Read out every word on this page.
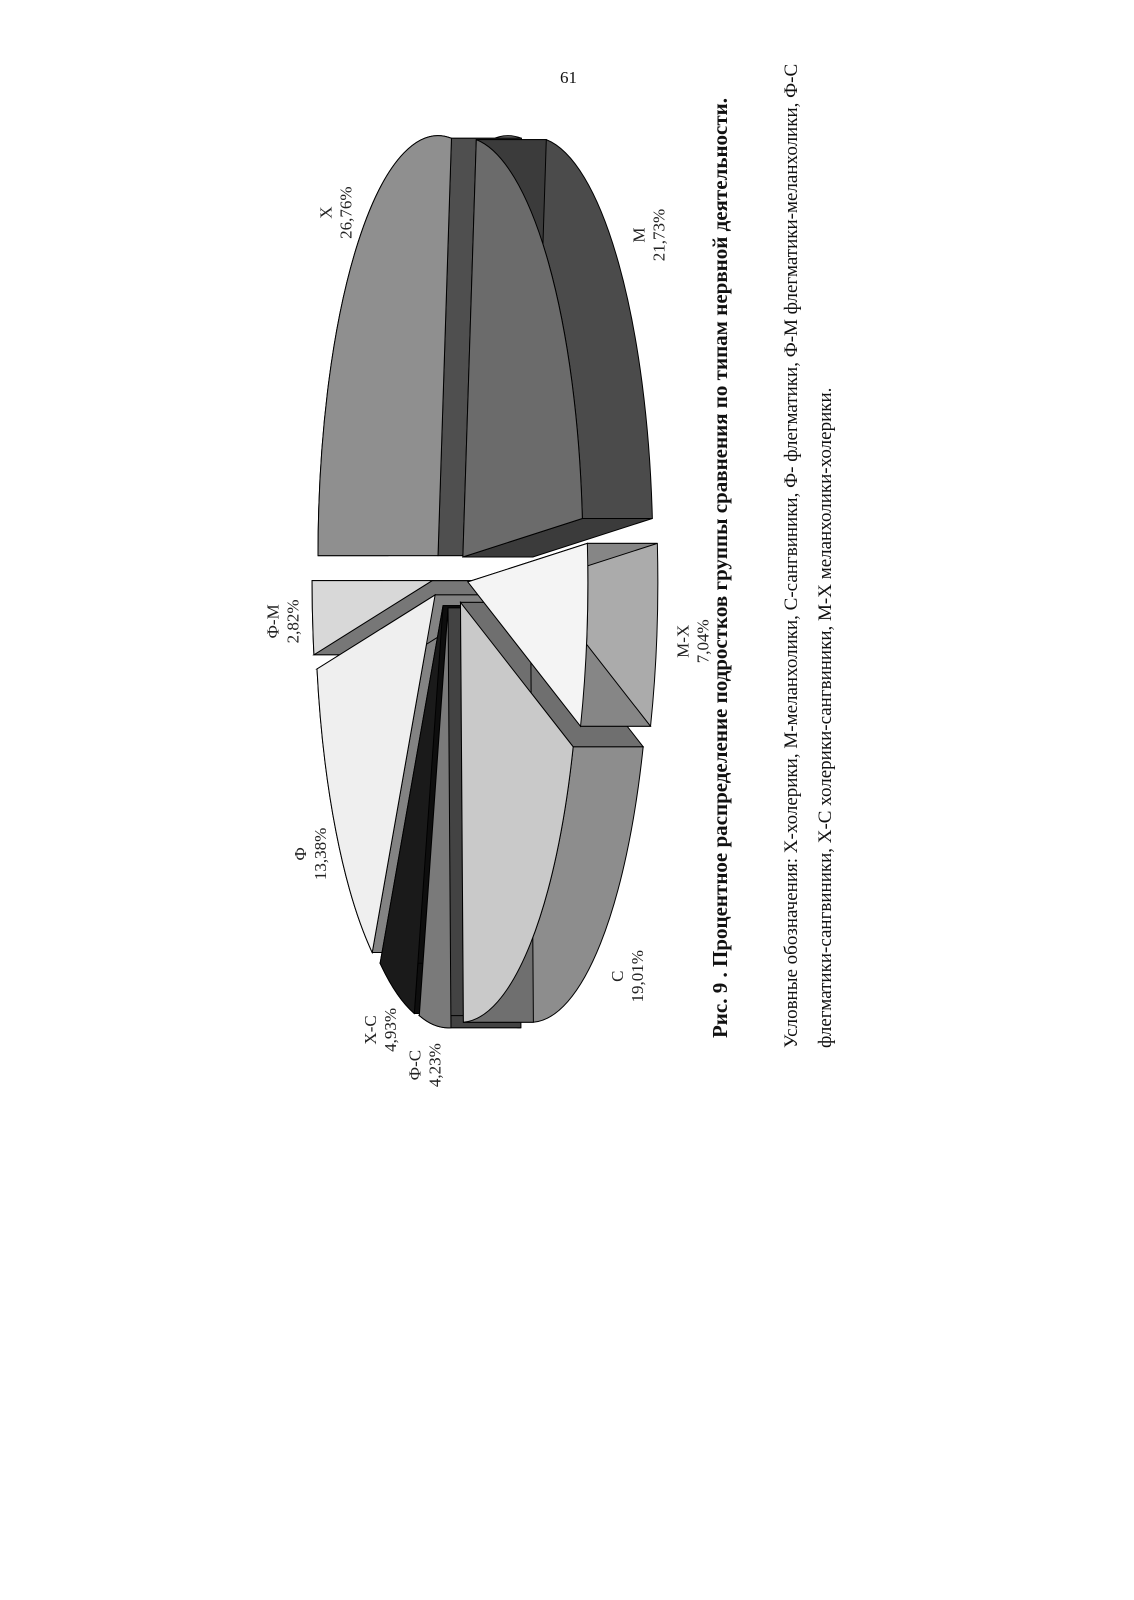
61
X 26,76%	М 21,73%
М-Х 7,04%
С 19,01%
Ф-С 4,23%
Х-С 4,93%
Ф 13,38%
Ф-М 2,82%	Рис. 9 . Процентное распределение подростков группы сравнения по типам нервной деятельности.	Условные обозначения: X-холерики, М-меланхолики, С-сангвиники, Ф- флегматики, Ф-М флегматики-меланхолики, Ф-С флегматики-сангвиники, Х-С холерики-сангвиники, М-Х меланхолики-холерики.
